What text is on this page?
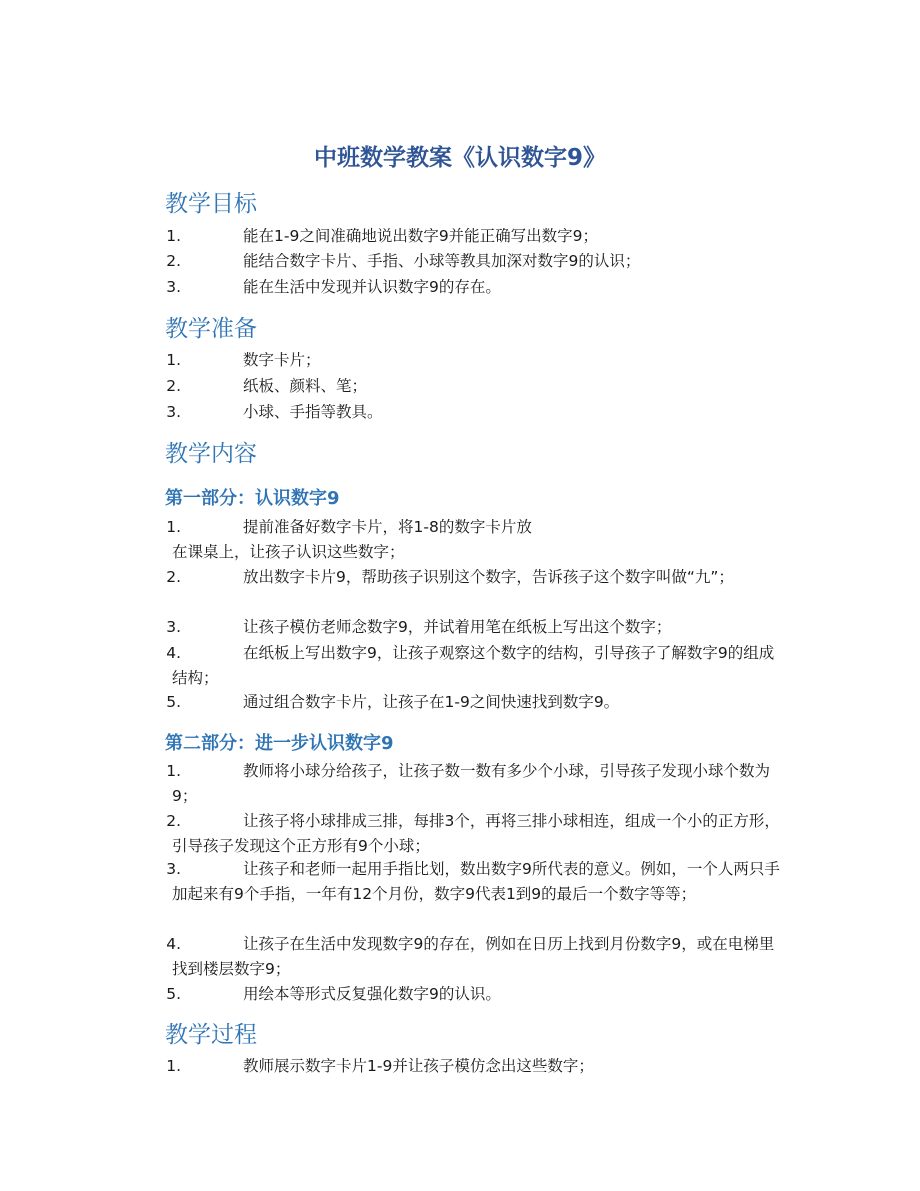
中班数学教案《认识数字9》
教学目标
1.	能在1-9之间准确地说出数字9并能正确写出数字9；
2.	能结合数字卡片、手指、小球等教具加深对数字9的认识；
3.	能在生活中发现并认识数字9的存在。
教学准备
1.	数字卡片；
2.	纸板、颜料、笔；
3.	小球、手指等教具。
教学内容
第一部分：认识数字9
1.	提前准备好数字卡片，将1-8的数字卡片放在课桌上，让孩子认识这些数字；
2.	放出数字卡片9，帮助孩子识别这个数字，告诉孩子这个数字叫做“九”；
3.	让孩子模仿老师念数字9，并试着用笔在纸板上写出这个数字；
4.	在纸板上写出数字9，让孩子观察这个数字的结构，引导孩子了解数字9的组成结构；
5.	通过组合数字卡片，让孩子在1-9之间快速找到数字9。
第二部分：进一步认识数字9
1.	教师将小球分给孩子，让孩子数一数有多少个小球，引导孩子发现小球个数为9；
2.	让孩子将小球排成三排，每排3个，再将三排小球相连，组成一个小的正方形，引导孩子发现这个正方形有9个小球；
3.	让孩子和老师一起用手指比划，数出数字9所代表的意义。例如，一个人两只手加起来有9个手指，一年有12个月份，数字9代表1到9的最后一个数字等等；
4.	让孩子在生活中发现数字9的存在，例如在日历上找到月份数字9，或在电梯里找到楼层数字9；
5.	用绘本等形式反复强化数字9的认识。
教学过程
1.	教师展示数字卡片1-9并让孩子模仿念出这些数字；
